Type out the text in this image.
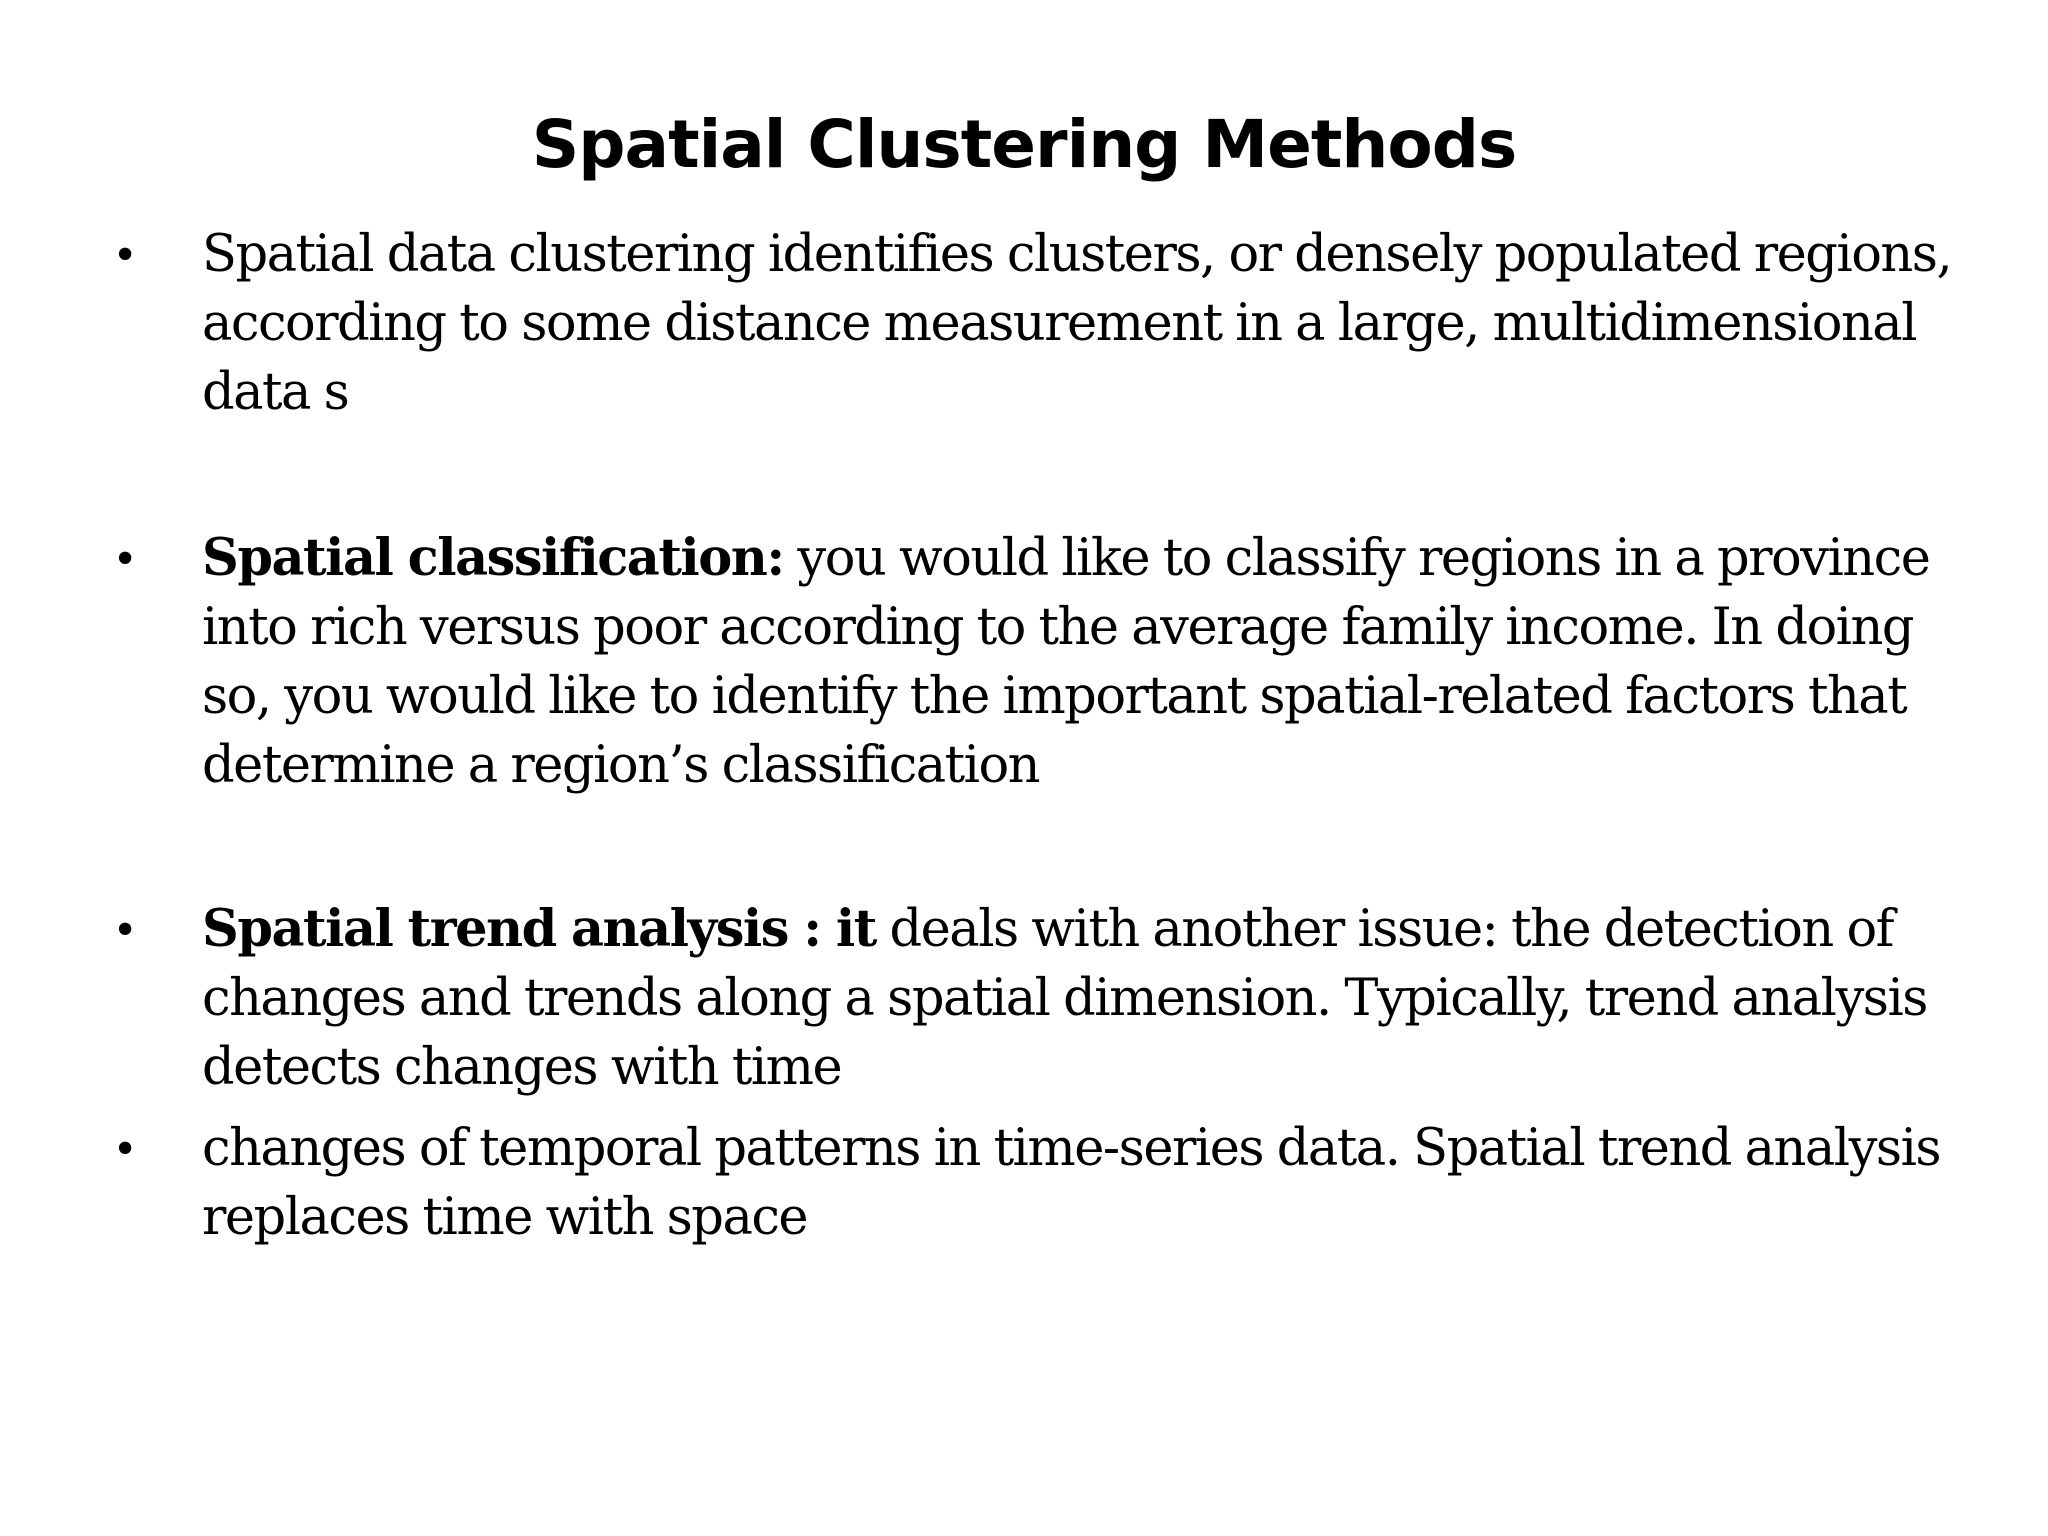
Spatial Clustering Methods
• Spatial data clustering identifies clusters, or densely populated regions, according to some distance measurement in a large, multidimensional data s
• Spatial classification: you would like to classify regions in a province into rich versus poor according to the average family income. In doing so, you would like to identify the important spatial-related factors that determine a region’s classification
• Spatial trend analysis : it deals with another issue: the detection of changes and trends along a spatial dimension. Typically, trend analysis detects changes with time
• changes of temporal patterns in time-series data. Spatial trend analysis replaces time with space
